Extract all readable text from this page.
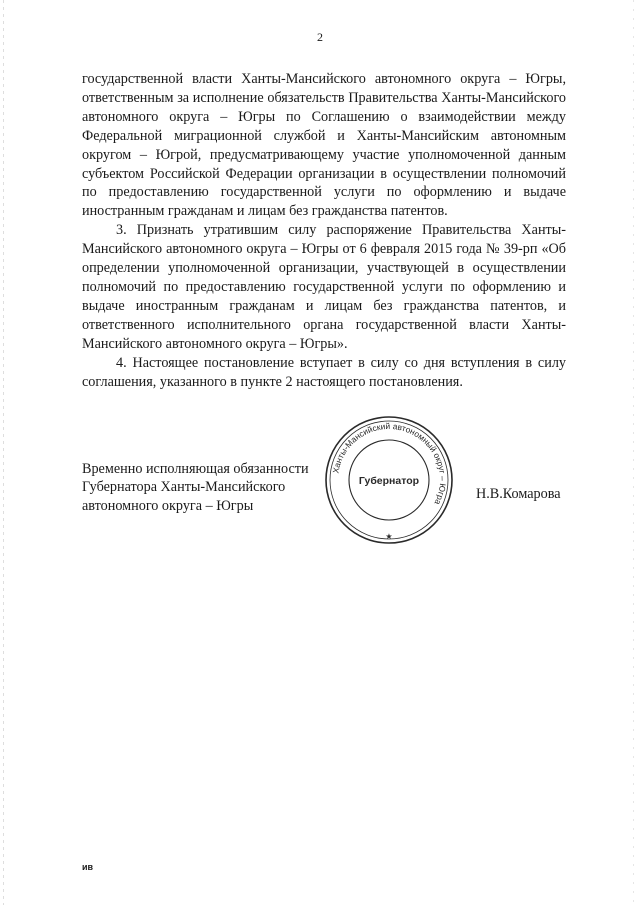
2

государственной власти Ханты-Мансийского автономного округа – Югры, ответственным за исполнение обязательств Правительства Ханты-Мансийского автономного округа – Югры по Соглашению о взаимодействии между Федеральной миграционной службой и Ханты-Мансийским автономным округом – Югрой, предусматривающему участие уполномоченной данным субъектом Российской Федерации организации в осуществлении полномочий по предоставлению государственной услуги по оформлению и выдаче иностранным гражданам и лицам без гражданства патентов.

3. Признать утратившим силу распоряжение Правительства Ханты-Мансийского автономного округа – Югры от 6 февраля 2015 года № 39-рп «Об определении уполномоченной организации, участвующей в осуществлении полномочий по предоставлению государственной услуги по оформлению и выдаче иностранным гражданам и лицам без гражданства патентов, и ответственного исполнительного органа государственной власти Ханты-Мансийского автономного округа – Югры».

4. Настоящее постановление вступает в силу со дня вступления в силу соглашения, указанного в пункте 2 настоящего постановления.

Временно исполняющая обязанности
Губернатора Ханты-Мансийского
автономного округа – Югры
Ханты-Мансийский автономный округ – Югра
Губернатор
★
Н.В.Комарова
ив
